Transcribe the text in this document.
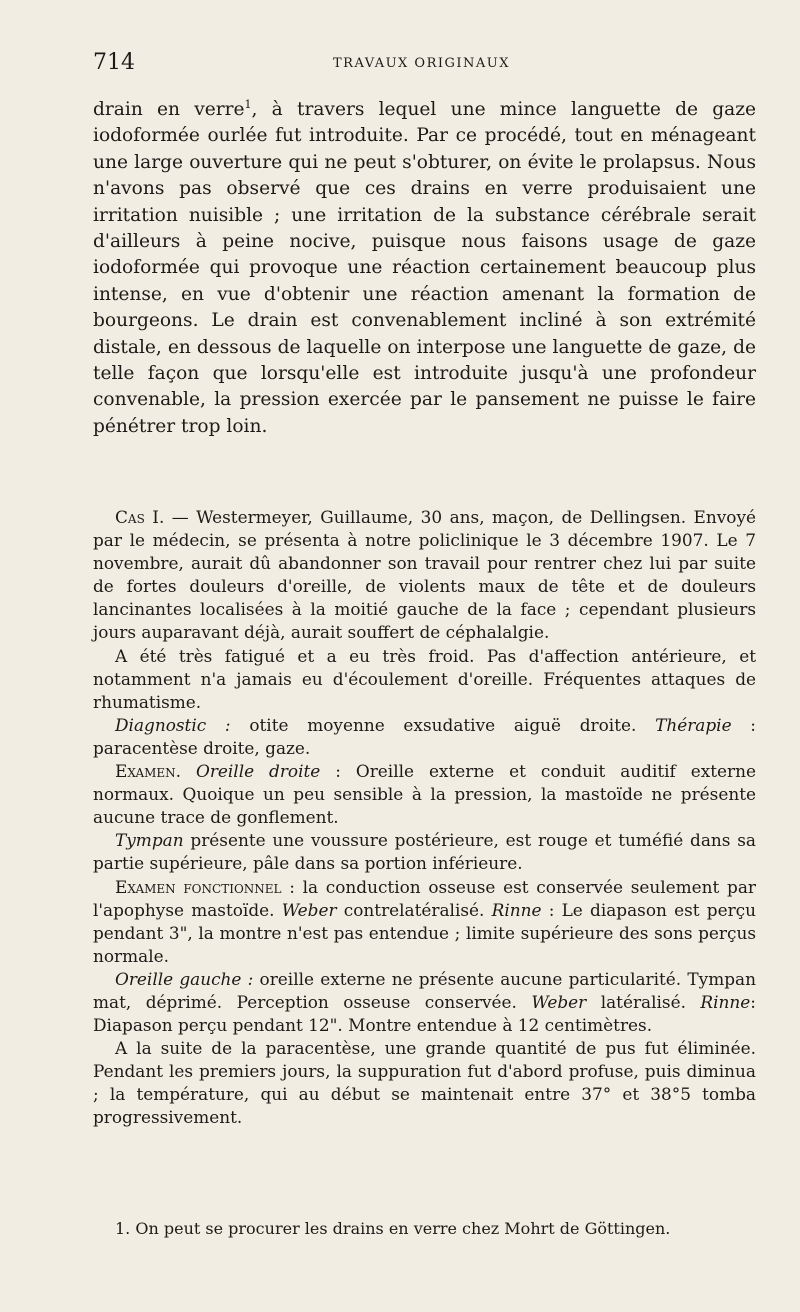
714	TRAVAUX ORIGINAUX

drain en verre$^1$, à travers lequel une mince languette de gaze iodoformée ourlée fut introduite. Par ce procédé, tout en ménageant une large ouverture qui ne peut s'obturer, on évite le prolapsus. Nous n'avons pas observé que ces drains en verre produisaient une irritation nuisible ; une irritation de la substance cérébrale serait d'ailleurs à peine nocive, puisque nous faisons usage de gaze iodoformée qui provoque une réaction certainement beaucoup plus intense, en vue d'obtenir une réaction amenant la formation de bourgeons. Le drain est convenablement incliné à son extrémité distale, en dessous de laquelle on interpose une languette de gaze, de telle façon que lorsqu'elle est introduite jusqu'à une profondeur convenable, la pression exercée par le pansement ne puisse le faire pénétrer trop loin.

Cas I. — Westermeyer, Guillaume, 30 ans, maçon, de Dellingsen. Envoyé par le médecin, se présenta à notre policlinique le 3 décembre 1907. Le 7 novembre, aurait dû abandonner son travail pour rentrer chez lui par suite de fortes douleurs d'oreille, de violents maux de tête et de douleurs lancinantes localisées à la moitié gauche de la face ; cependant plusieurs jours auparavant déjà, aurait souffert de céphalalgie.

A été très fatigué et a eu très froid. Pas d'affection antérieure, et notamment n'a jamais eu d'écoulement d'oreille. Fréquentes attaques de rhumatisme.

Diagnostic : otite moyenne exsudative aiguë droite. Thérapie : paracentèse droite, gaze.

Examen. Oreille droite : Oreille externe et conduit auditif externe normaux. Quoique un peu sensible à la pression, la mastoïde ne présente aucune trace de gonflement.

Tympan présente une voussure postérieure, est rouge et tuméfié dans sa partie supérieure, pâle dans sa portion inférieure.

Examen fonctionnel : la conduction osseuse est conservée seulement par l'apophyse mastoïde. Weber contrelatéralisé. Rinne : Le diapason est perçu pendant 3", la montre n'est pas entendue ; limite supérieure des sons perçus normale.

Oreille gauche : oreille externe ne présente aucune particularité. Tympan mat, déprimé. Perception osseuse conservée. Weber latéralisé. Rinne: Diapason perçu pendant 12". Montre entendue à 12 centimètres.

A la suite de la paracentèse, une grande quantité de pus fut éliminée. Pendant les premiers jours, la suppuration fut d'abord profuse, puis diminua ; la température, qui au début se maintenait entre 37° et 38°5 tomba progressivement.

1. On peut se procurer les drains en verre chez Mohrt de Göttingen.
